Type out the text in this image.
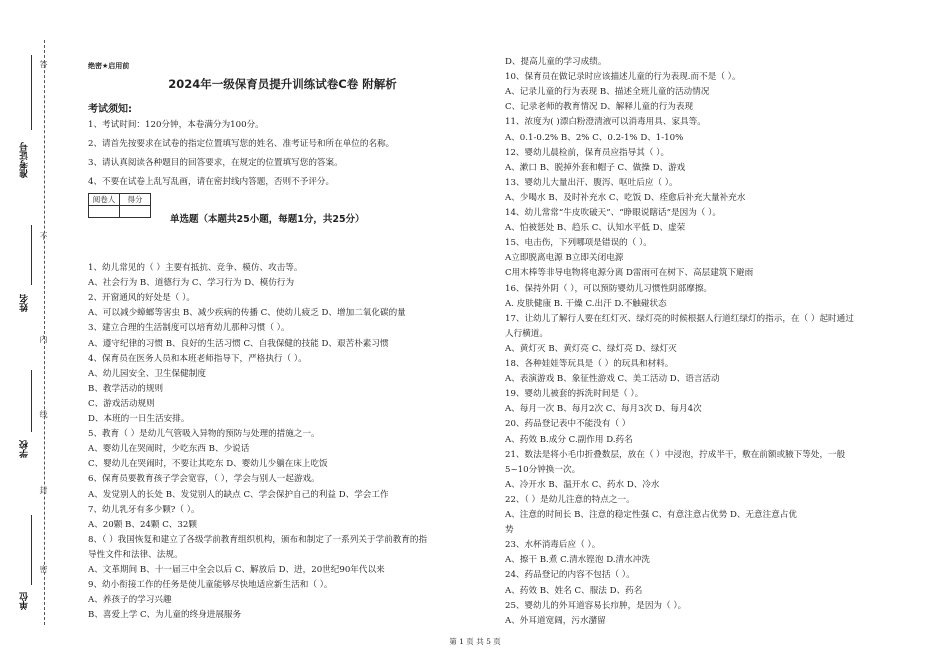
答
不
内
线
封
密
准考证号
姓名
学校
单位
绝密★启用前
2024年一级保育员提升训练试卷C卷 附解析
考试须知:
1、考试时间：120分钟，本卷满分为100分。
2、请首先按要求在试卷的指定位置填写您的姓名、准考证号和所在单位的名称。
3、请认真阅读各种题目的回答要求，在规定的位置填写您的答案。
4、不要在试卷上乱写乱画，请在密封线内答题，否则不予评分。
阅卷人	得分

单选题（本题共25小题，每题1分，共25分）
1、幼儿常见的（ ）主要有抵抗、竞争、模仿、攻击等。
A、社会行为 B、道德行为 C、学习行为 D、模仿行为
2、开窗通风的好处是（ ）。
A、可以减少蟑螂等害虫 B、减少疾病的传播 C、使幼儿疲乏 D、增加二氧化碳的量
3、建立合理的生活制度可以培育幼儿那种习惯（ ）。
A、遵守纪律的习惯 B、良好的生活习惯 C、自我保健的技能 D、艰苦朴素习惯
4、保育员在医务人员和本班老师指导下，严格执行（ ）。
A、幼儿园安全、卫生保健制度
B、教学活动的规则
C、游戏活动规则
D、本班的一日生活安排。
5、教育（ ）是幼儿气管吸入异物的预防与处理的措施之一。
A、婴幼儿在哭闹时，少吃东西 B、少说话
C、婴幼儿在哭闹时，不要让其吃东 D、婴幼儿少躺在床上吃饭
6、保育员要教育孩子学会宽容，（ ），学会与别人一起游戏。
A、发觉别人的长处 B、发觉别人的缺点 C、学会保护自己的利益 D、学会工作
7、幼儿乳牙有多少颗?（ ）。
A、20颗 B、24颗 C、32颗
8、（ ）我国恢复和建立了各级学前教育组织机构，颁布和制定了一系列关于学前教育的指
导性文件和法律、法规。
A、文革期间 B、十一届三中全会以后 C、解放后 D、进，20世纪90年代以来
9、幼小衔接工作的任务是使儿童能够尽快地适应新生活和（ ）。
A、养孩子的学习兴趣
B、喜爱上学 C、为儿童的终身进展服务
D、提高儿童的学习成绩。
10、保育员在做记录时应该描述儿童的行为表现.而不是（ ）。
A、记录儿童的行为表现 B、描述全班儿童的活动情况
C、记录老师的教育情况 D、解释儿童的行为表现
11、浓度为( )漂白粉澄清液可以消毒用具、家具等。
A、0.1-0.2% B、2% C、0.2-1% D、1-10%
12、婴幼儿晨检前，保育员应指导其（ ）。
A、漱口 B、脱掉外套和帽子 C、做操 D、游戏
13、婴幼儿大量出汗、腹泻、呕吐后应（ ）。
A、少喝水 B、及时补充水 C、吃饭 D、痊愈后补充大量补充水
14、幼儿常常“牛皮吹破天”、“睁眼说瞎话”是因为（ ）。
A、怕被惩处 B、趋乐 C、认知水平低 D、虚荣
15、电击伤，下列哪项是错误的（ ）。
A立即脱离电源 B立即关闭电源
C用木棒等非导电物将电源分离 D雷雨可在树下、高层建筑下避雨
16、保持外阴（ ），可以预防婴幼儿习惯性阴部摩擦。
A. 皮肤健康 B. 干燥 C.出汗 D.不触碰状态
17、让幼儿了解行人要在红灯灭、绿灯亮的时候根据人行道红绿灯的指示，在（ ）起时通过
人行横道。
A、黄灯灭 B、黄灯亮 C、绿灯亮 D、绿灯灭
18、各种娃娃等玩具是（ ）的玩具和材料。
A、表演游戏 B、象征性游戏 C、美工活动 D、语言活动
19、婴幼儿被套的拆洗时间是（ ）。
A、每月一次 B、每月2次 C、每月3次 D、每月4次
20、药品登记表中不能没有（ ）
A、药效 B.成分 C.副作用 D.药名
21、数法是将小毛巾折叠数层，放在（ ）中浸泡，拧成半干，敷在前额或腋下等处，一般
5~10分钟换一次。
A、冷开水 B、温开水 C、药水 D、冷水
22、（ ）是幼儿注意的特点之一。
A、注意的时间长 B、注意的稳定性强 C、有意注意占优势 D、无意注意占优
势
23、水杯消毒后应（ ）。
A、擦干 B.煮 C.清水铿泡 D.清水冲洗
24、药品登记的内容不包括（ ）。
A、药效 B、姓名 C、服法 D、药名
25、婴幼儿的外耳道容易长疖肿，是因为（ ）。
A、外耳道宽阔，污水潴留
第 1 页 共 5 页
